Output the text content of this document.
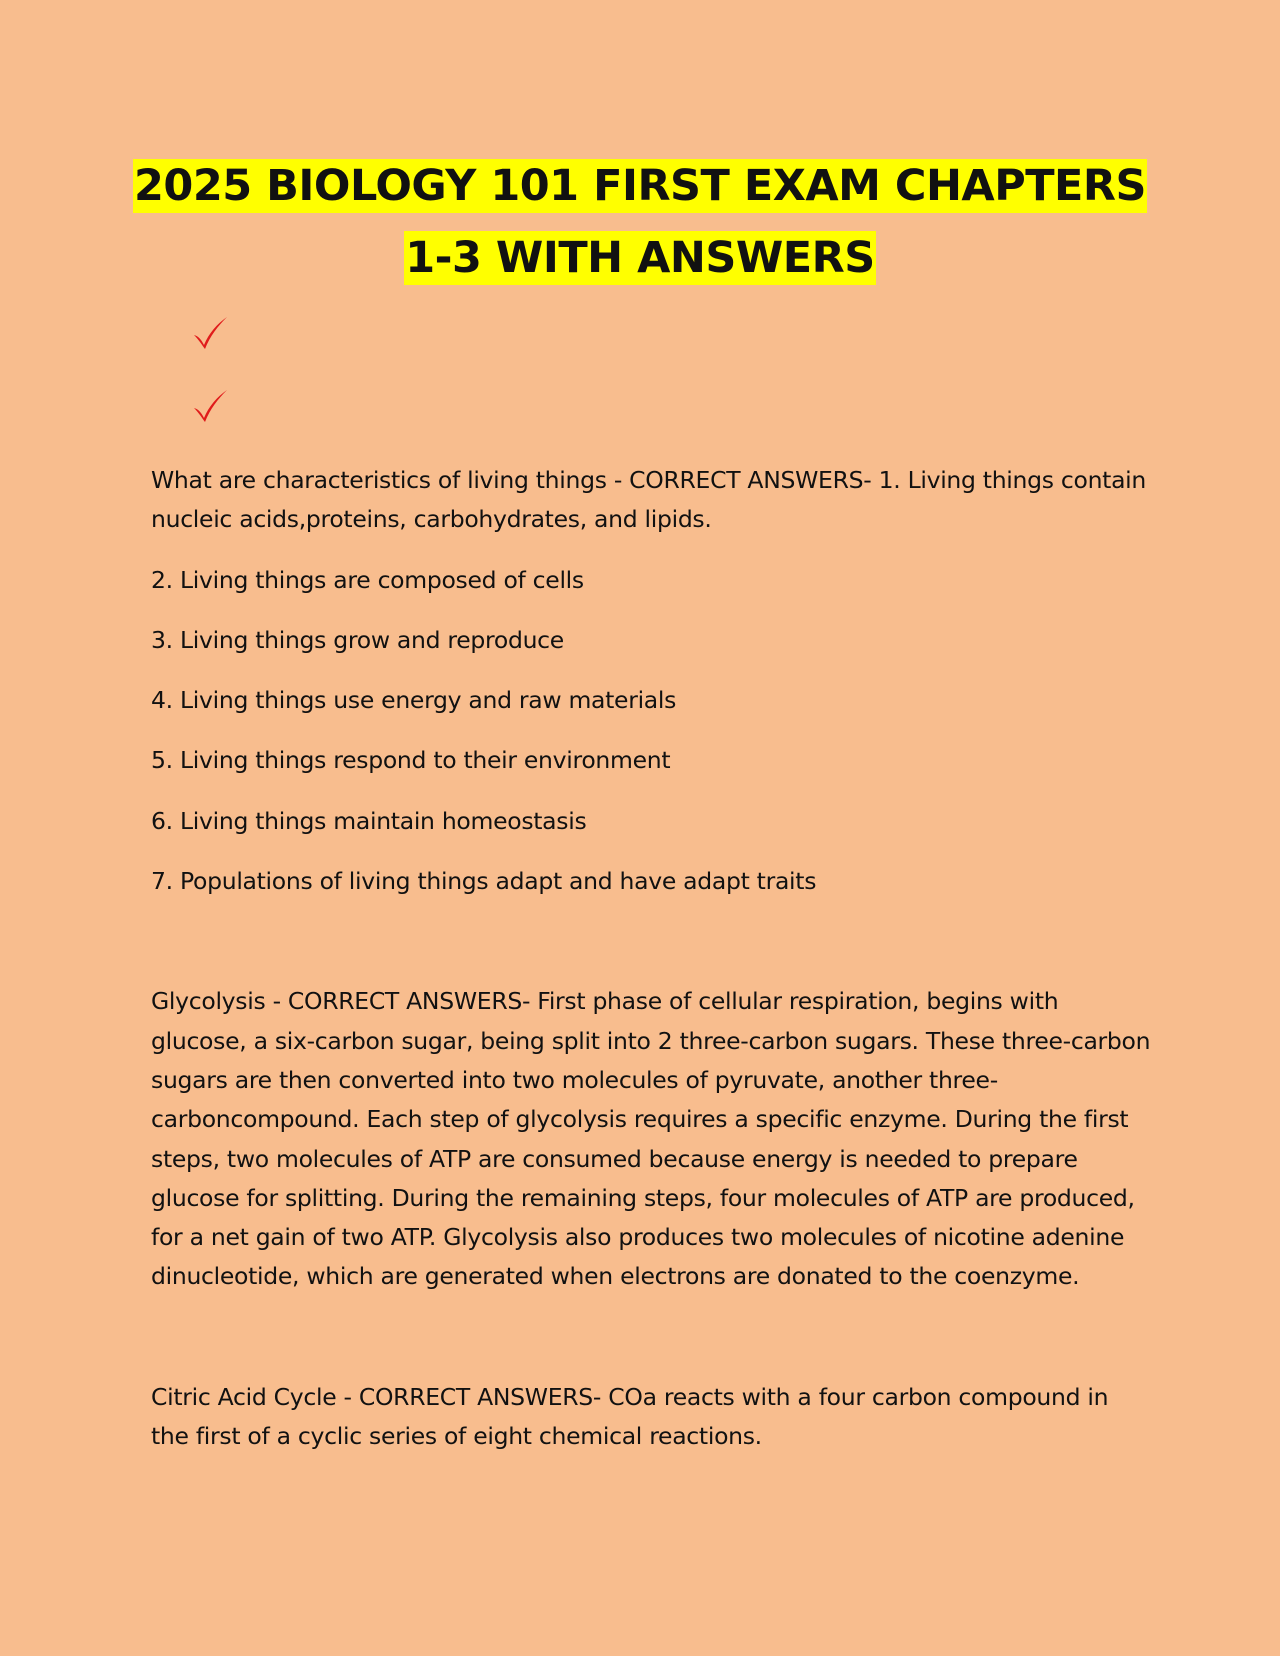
2025 BIOLOGY 101 FIRST EXAM CHAPTERS
1-3 WITH ANSWERS

What are characteristics of living things - CORRECT ANSWERS- 1. Living things contain nucleic acids,proteins, carbohydrates, and lipids.

2. Living things are composed of cells

3. Living things grow and reproduce

4. Living things use energy and raw materials

5. Living things respond to their environment

6. Living things maintain homeostasis

7. Populations of living things adapt and have adapt traits

Glycolysis - CORRECT ANSWERS- First phase of cellular respiration, begins with glucose, a six-carbon sugar, being split into 2 three-carbon sugars. These three-carbon sugars are then converted into two molecules of pyruvate, another three-carboncompound. Each step of glycolysis requires a specific enzyme. During the first steps, two molecules of ATP are consumed because energy is needed to prepare glucose for splitting. During the remaining steps, four molecules of ATP are produced, for a net gain of two ATP. Glycolysis also produces two molecules of nicotine adenine dinucleotide, which are generated when electrons are donated to the coenzyme.

Citric Acid Cycle - CORRECT ANSWERS- COa reacts with a four carbon compound in the first of a cyclic series of eight chemical reactions.
